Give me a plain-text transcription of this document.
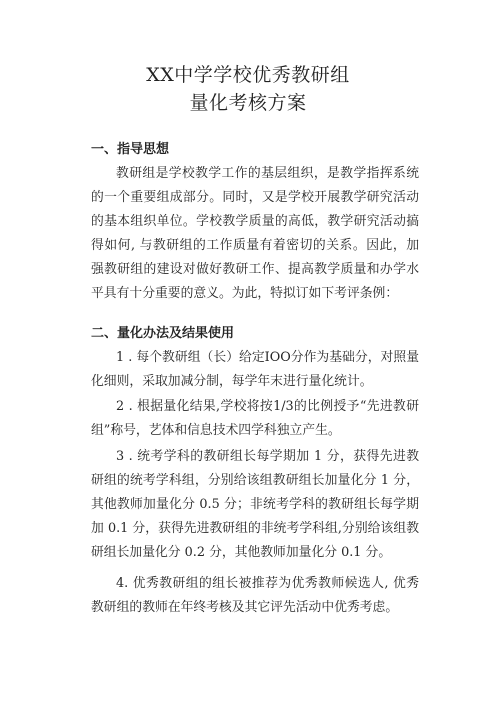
XX中学学校优秀教研组
量化考核方案
一、指导思想
教研组是学校教学工作的基层组织，是教学指挥系统的一个重要组成部分。同时，又是学校开展教学研究活动的基本组织单位。学校教学质量的高低，教学研究活动搞得如何, 与教研组的工作质量有着密切的关系。因此，加强教研组的建设对做好教研工作、提高教学质量和办学水平具有十分重要的意义。为此，特拟订如下考评条例：
二、量化办法及结果使用
1 . 每个教研组（长）给定IOO分作为基础分，对照量化细则，采取加减分制，每学年末进行量化统计。
2 . 根据量化结果,学校将按1/3的比例授予“先进教研组”称号，艺体和信息技术四学科独立产生。
3 . 统考学科的教研组长每学期加 1 分，获得先进教研组的统考学科组，分别给该组教研组长加量化分 1 分，其他教师加量化分 0.5 分；非统考学科的教研组长每学期加 0.1 分，获得先进教研组的非统考学科组,分别给该组教研组长加量化分 0.2 分，其他教师加量化分 0.1 分。
4. 优秀教研组的组长被推荐为优秀教师候选人, 优秀教研组的教师在年终考核及其它评先活动中优秀考虑。
